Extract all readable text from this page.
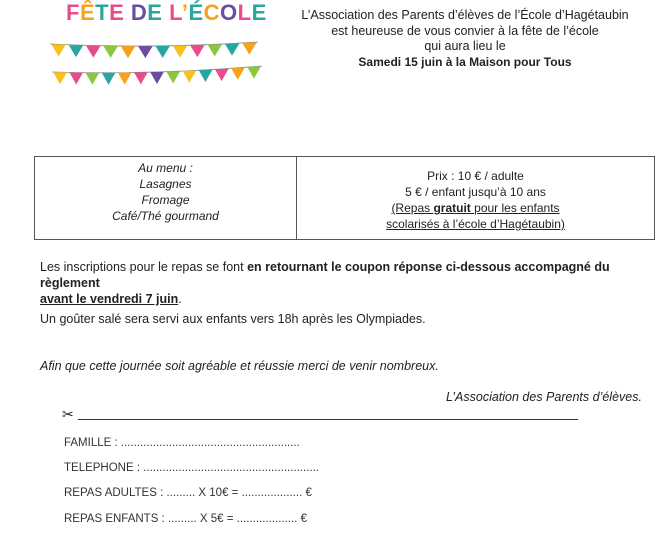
FÊTE DE L’ÉCOLE	L’Association des Parents d’élèves de l’École d’Hagétaubin
est heureuse de vous convier à la fête de l’école
qui aura lieu le
Samedi 15 juin à la Maison pour Tous
Au menu :
Lasagnes
Fromage
Café/Thé gourmand
Prix : 10 € / adulte
5 € / enfant jusqu’à 10 ans
(Repas gratuit pour les enfants
scolarisés à l’école d’Hagétaubin)
Les inscriptions pour le repas se font en retournant le coupon réponse ci-dessous accompagné du règlement
avant le vendredi 7 juin.
Un goûter salé sera servi aux enfants vers 18h après les Olympiades.
Afin que cette journée soit agréable et réussie merci de venir nombreux.
L’Association des Parents d’élèves.
✂
FAMILLE : ........................................................
TELEPHONE : .......................................................
REPAS ADULTES : ......... X 10€ = ................... €
REPAS ENFANTS : ......... X 5€ = ................... €
